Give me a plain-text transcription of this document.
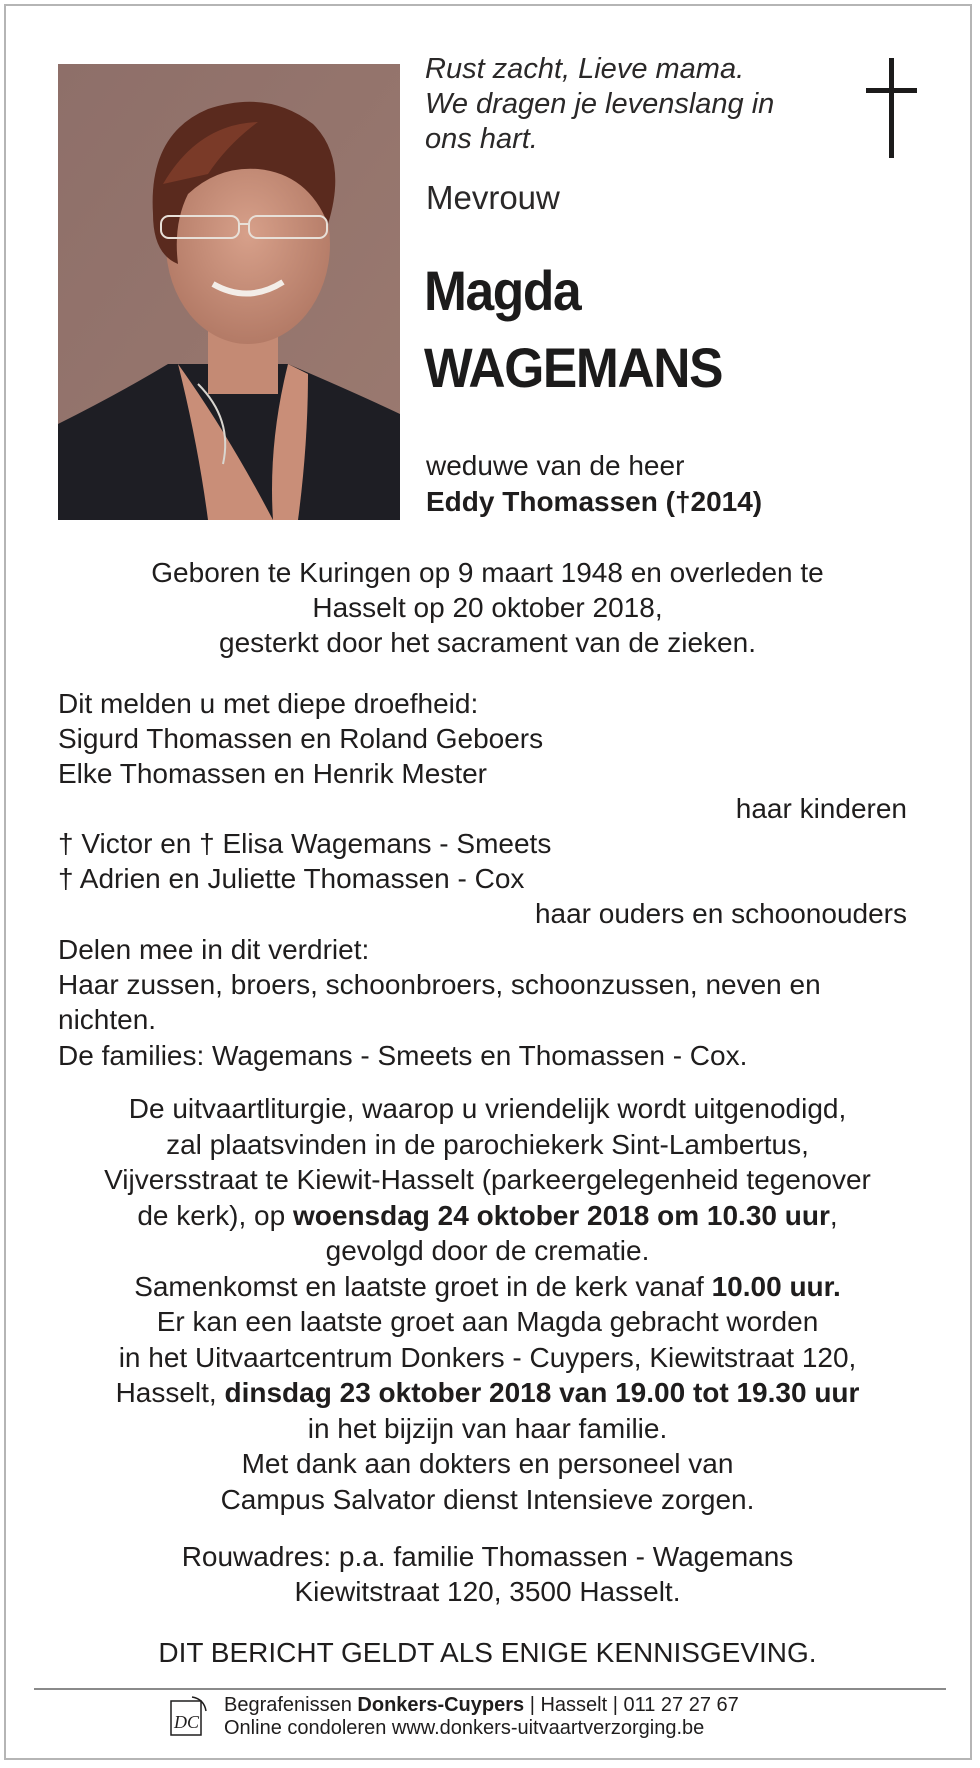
Rust zacht, Lieve mama.
We dragen je levenslang in
ons hart.
Mevrouw
Magda
WAGEMANS
weduwe van de heer
Eddy Thomassen (†2014)
Geboren te Kuringen op 9 maart 1948 en overleden te
Hasselt op 20 oktober 2018,
gesterkt door het sacrament van de zieken.
Dit melden u met diepe droefheid:
Sigurd Thomassen en Roland Geboers
Elke Thomassen en Henrik Mester
haar kinderen
† Victor en † Elisa Wagemans - Smeets
† Adrien en Juliette Thomassen - Cox
haar ouders en schoonouders
Delen mee in dit verdriet:
Haar zussen, broers, schoonbroers, schoonzussen, neven en
nichten.
De families: Wagemans - Smeets en Thomassen - Cox.
De uitvaartliturgie, waarop u vriendelijk wordt uitgenodigd,
zal plaatsvinden in de parochiekerk Sint-Lambertus,
Vijversstraat te Kiewit-Hasselt (parkeergelegenheid tegenover
de kerk), op woensdag 24 oktober 2018 om 10.30 uur,
gevolgd door de crematie.
Samenkomst en laatste groet in de kerk vanaf 10.00 uur.
Er kan een laatste groet aan Magda gebracht worden
in het Uitvaartcentrum Donkers - Cuypers, Kiewitstraat 120,
Hasselt, dinsdag 23 oktober 2018 van 19.00 tot 19.30 uur
in het bijzijn van haar familie.
Met dank aan dokters en personeel van
Campus Salvator dienst Intensieve zorgen.
Rouwadres: p.a. familie Thomassen - Wagemans
Kiewitstraat 120, 3500 Hasselt.
DIT BERICHT GELDT ALS ENIGE KENNISGEVING.
DC
Begrafenissen Donkers-Cuypers | Hasselt | 011 27 27 67
Online condoleren www.donkers-uitvaartverzorging.be
